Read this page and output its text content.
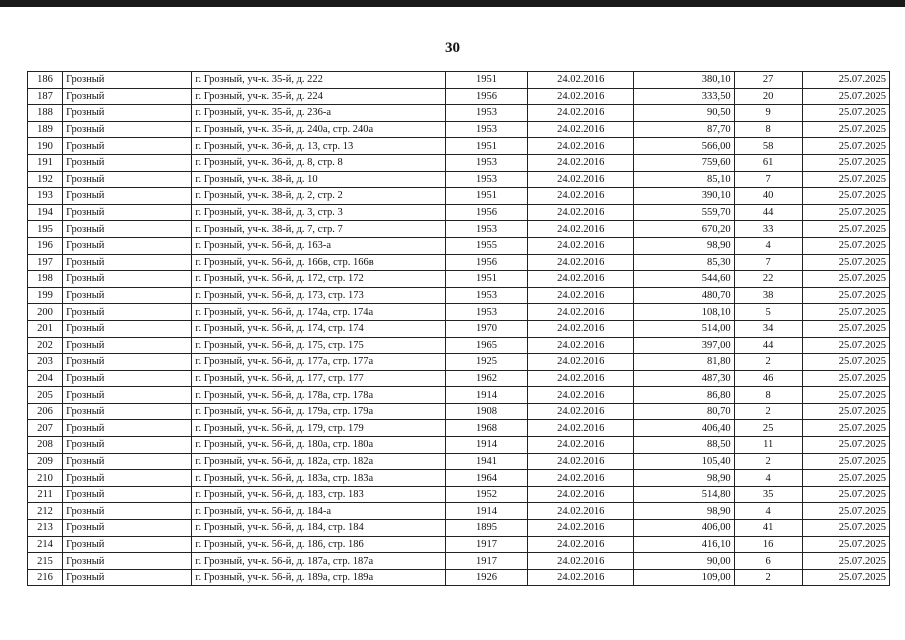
30
186	Грозный	г. Грозный, уч-к. 35-й, д. 222	1951	24.02.2016	380,10	27	25.07.2025
187	Грозный	г. Грозный, уч-к. 35-й, д. 224	1956	24.02.2016	333,50	20	25.07.2025
188	Грозный	г. Грозный, уч-к. 35-й, д. 236-а	1953	24.02.2016	90,50	9	25.07.2025
189	Грозный	г. Грозный, уч-к. 35-й, д. 240а, стр. 240а	1953	24.02.2016	87,70	8	25.07.2025
190	Грозный	г. Грозный, уч-к. 36-й, д. 13, стр. 13	1951	24.02.2016	566,00	58	25.07.2025
191	Грозный	г. Грозный, уч-к. 36-й, д. 8, стр. 8	1953	24.02.2016	759,60	61	25.07.2025
192	Грозный	г. Грозный, уч-к. 38-й, д. 10	1953	24.02.2016	85,10	7	25.07.2025
193	Грозный	г. Грозный, уч-к. 38-й, д. 2, стр. 2	1951	24.02.2016	390,10	40	25.07.2025
194	Грозный	г. Грозный, уч-к. 38-й, д. 3, стр. 3	1956	24.02.2016	559,70	44	25.07.2025
195	Грозный	г. Грозный, уч-к. 38-й, д. 7, стр. 7	1953	24.02.2016	670,20	33	25.07.2025
196	Грозный	г. Грозный, уч-к. 56-й, д. 163-а	1955	24.02.2016	98,90	4	25.07.2025
197	Грозный	г. Грозный, уч-к. 56-й, д. 166в, стр. 166в	1956	24.02.2016	85,30	7	25.07.2025
198	Грозный	г. Грозный, уч-к. 56-й, д. 172, стр. 172	1951	24.02.2016	544,60	22	25.07.2025
199	Грозный	г. Грозный, уч-к. 56-й, д. 173, стр. 173	1953	24.02.2016	480,70	38	25.07.2025
200	Грозный	г. Грозный, уч-к. 56-й, д. 174а, стр. 174а	1953	24.02.2016	108,10	5	25.07.2025
201	Грозный	г. Грозный, уч-к. 56-й, д. 174, стр. 174	1970	24.02.2016	514,00	34	25.07.2025
202	Грозный	г. Грозный, уч-к. 56-й, д. 175, стр. 175	1965	24.02.2016	397,00	44	25.07.2025
203	Грозный	г. Грозный, уч-к. 56-й, д. 177а, стр. 177а	1925	24.02.2016	81,80	2	25.07.2025
204	Грозный	г. Грозный, уч-к. 56-й, д. 177, стр. 177	1962	24.02.2016	487,30	46	25.07.2025
205	Грозный	г. Грозный, уч-к. 56-й, д. 178а, стр. 178а	1914	24.02.2016	86,80	8	25.07.2025
206	Грозный	г. Грозный, уч-к. 56-й, д. 179а, стр. 179а	1908	24.02.2016	80,70	2	25.07.2025
207	Грозный	г. Грозный, уч-к. 56-й, д. 179, стр. 179	1968	24.02.2016	406,40	25	25.07.2025
208	Грозный	г. Грозный, уч-к. 56-й, д. 180а, стр. 180а	1914	24.02.2016	88,50	11	25.07.2025
209	Грозный	г. Грозный, уч-к. 56-й, д. 182а, стр. 182а	1941	24.02.2016	105,40	2	25.07.2025
210	Грозный	г. Грозный, уч-к. 56-й, д. 183а, стр. 183а	1964	24.02.2016	98,90	4	25.07.2025
211	Грозный	г. Грозный, уч-к. 56-й, д. 183, стр. 183	1952	24.02.2016	514,80	35	25.07.2025
212	Грозный	г. Грозный, уч-к. 56-й, д. 184-а	1914	24.02.2016	98,90	4	25.07.2025
213	Грозный	г. Грозный, уч-к. 56-й, д. 184, стр. 184	1895	24.02.2016	406,00	41	25.07.2025
214	Грозный	г. Грозный, уч-к. 56-й, д. 186, стр. 186	1917	24.02.2016	416,10	16	25.07.2025
215	Грозный	г. Грозный, уч-к. 56-й, д. 187а, стр. 187а	1917	24.02.2016	90,00	6	25.07.2025
216	Грозный	г. Грозный, уч-к. 56-й, д. 189а, стр. 189а	1926	24.02.2016	109,00	2	25.07.2025
